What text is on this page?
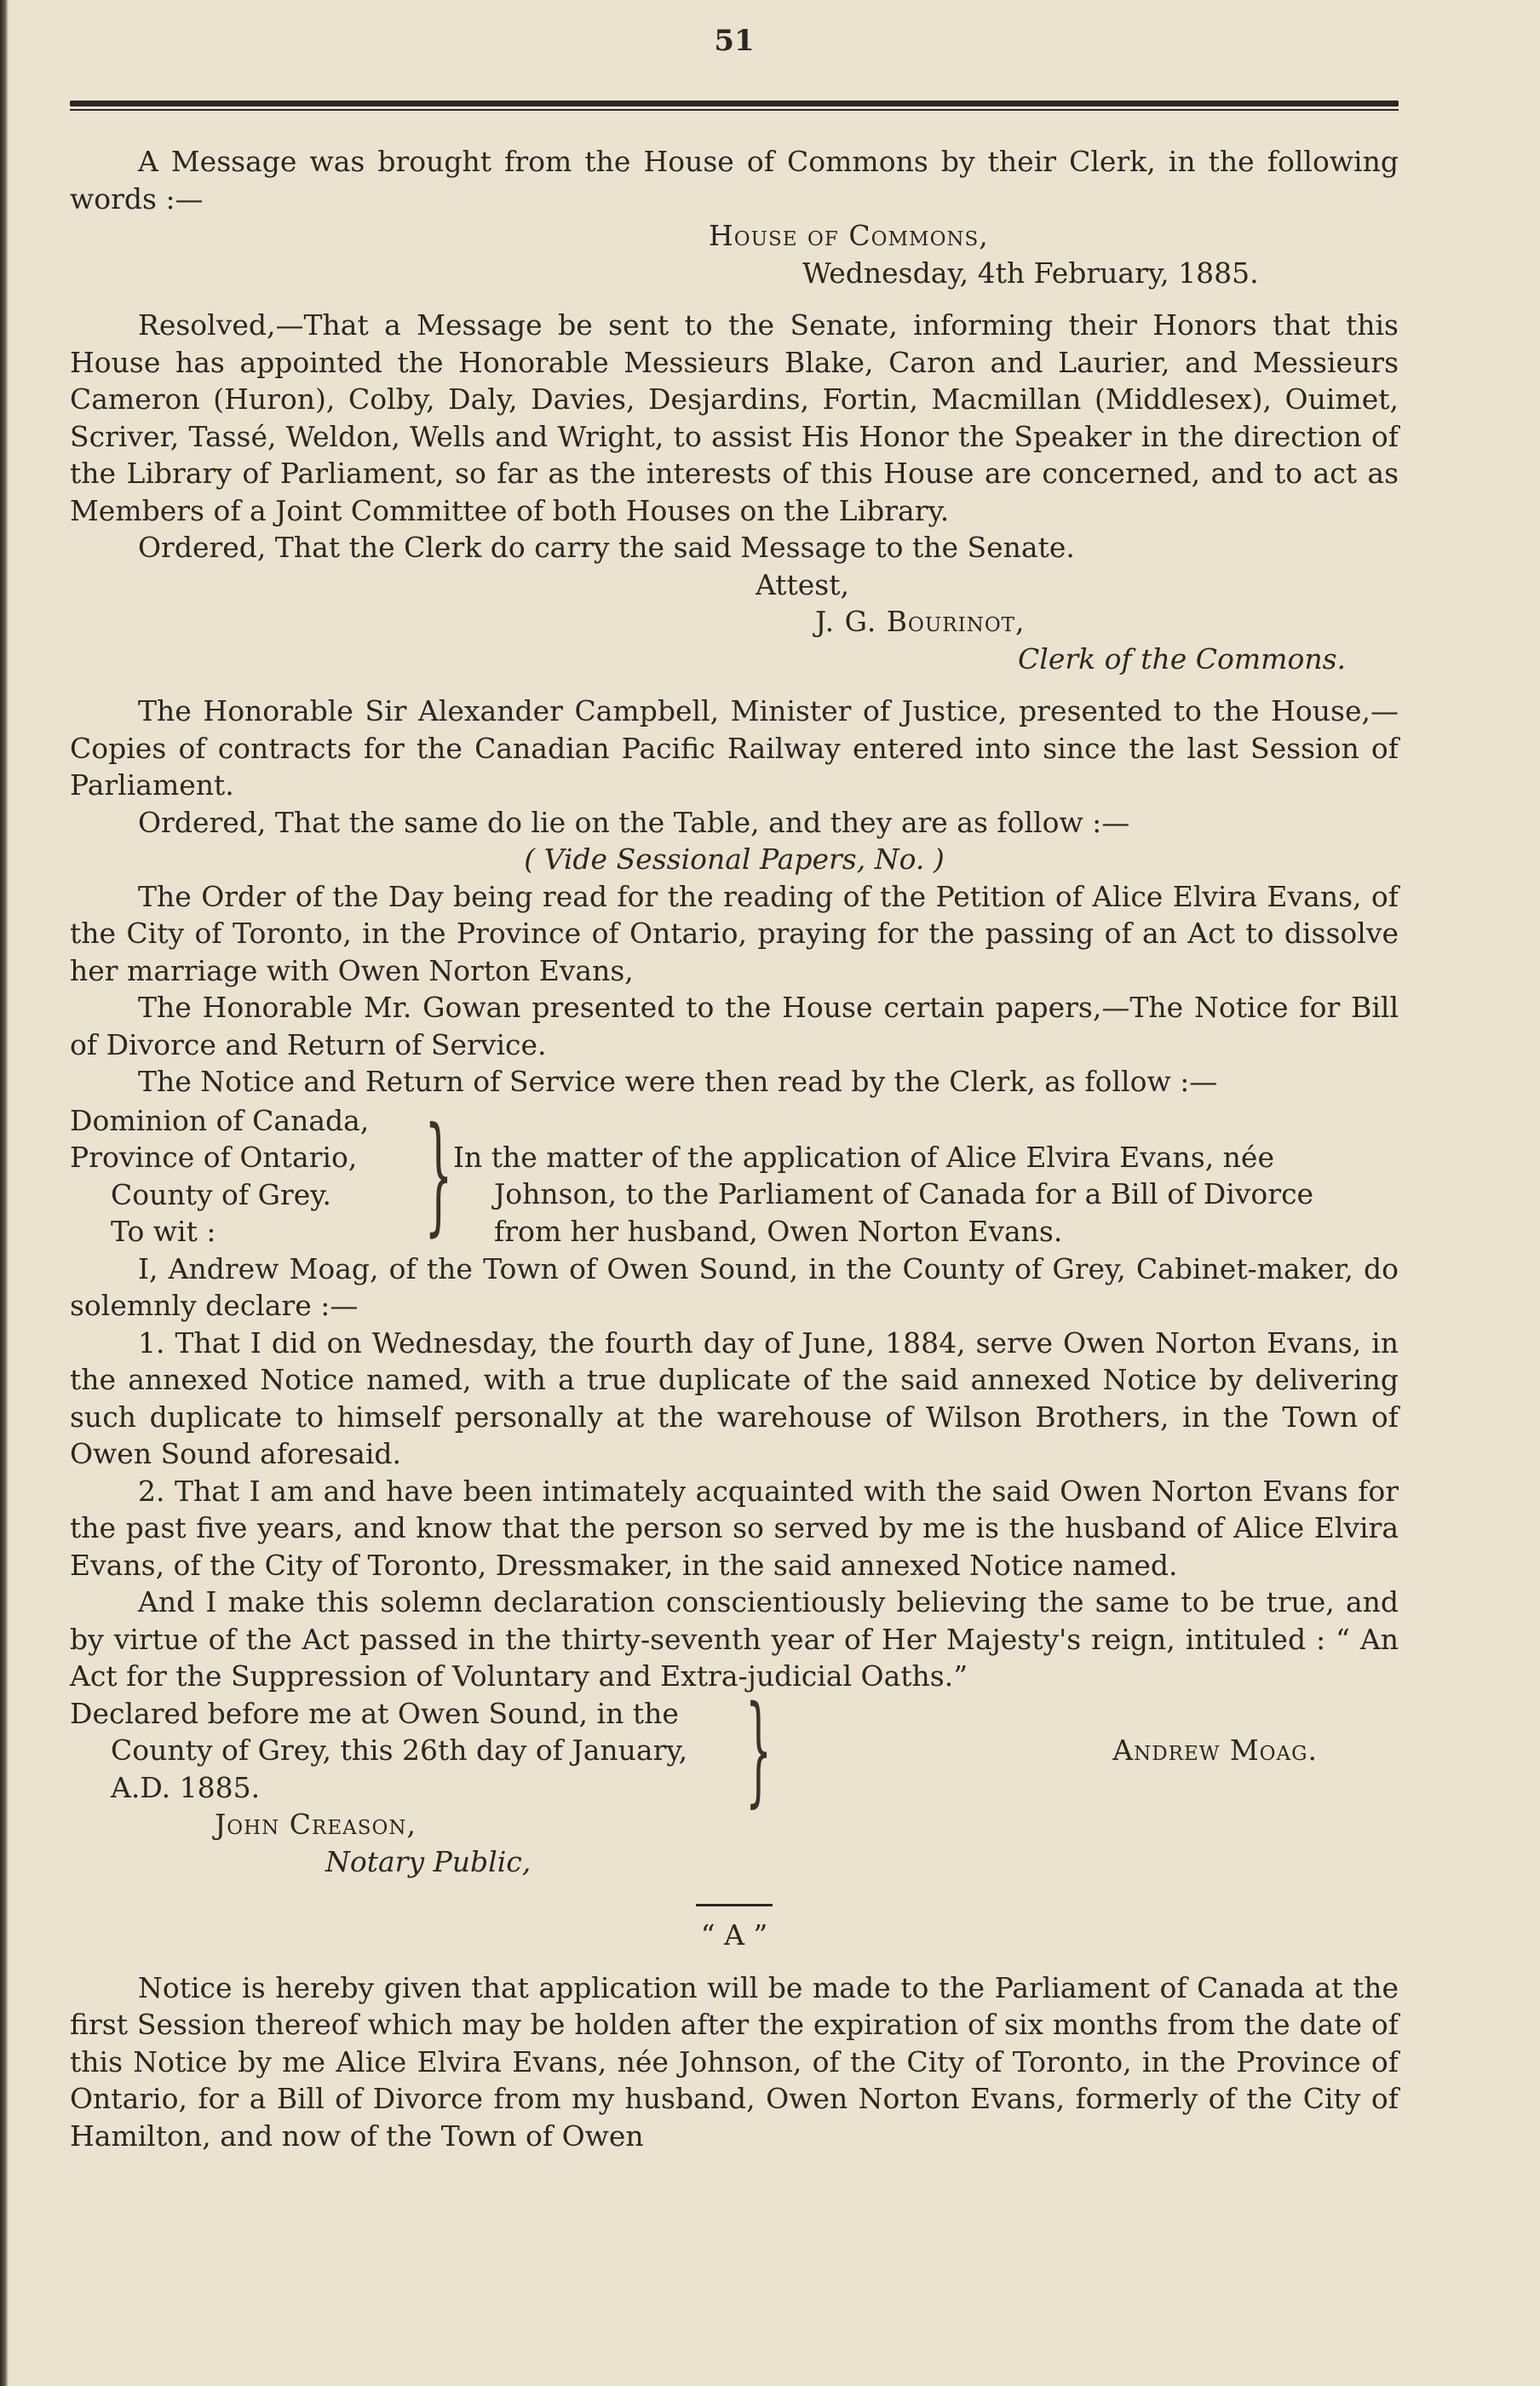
51

A Message was brought from the House of Commons by their Clerk, in the following words :—

House of Commons,

Wednesday, 4th February, 1885.

Resolved,—That a Message be sent to the Senate, informing their Honors that this House has appointed the Honorable Messieurs Blake, Caron and Laurier, and Messieurs Cameron (Huron), Colby, Daly, Davies, Desjardins, Fortin, Macmillan (Middlesex), Ouimet, Scriver, Tassé, Weldon, Wells and Wright, to assist His Honor the Speaker in the direction of the Library of Parliament, so far as the interests of this House are concerned, and to act as Members of a Joint Committee of both Houses on the Library.

Ordered, That the Clerk do carry the said Message to the Senate.

Attest,

J. G. Bourinot,

Clerk of the Commons.

The Honorable Sir Alexander Campbell, Minister of Justice, presented to the House,—Copies of contracts for the Canadian Pacific Railway entered into since the last Session of Parliament.

Ordered, That the same do lie on the Table, and they are as follow :—

( Vide Sessional Papers, No. )

The Order of the Day being read for the reading of the Petition of Alice Elvira Evans, of the City of Toronto, in the Province of Ontario, praying for the passing of an Act to dissolve her marriage with Owen Norton Evans,

The Honorable Mr. Gowan presented to the House certain papers,—The Notice for Bill of Divorce and Return of Service.

The Notice and Return of Service were then read by the Clerk, as follow :—

Dominion of Canada,
Province of Ontario,
County of Grey.
To wit :	} In the matter of the application of Alice Elvira Evans, née
Johnson, to the Parliament of Canada for a Bill of Divorce
from her husband, Owen Norton Evans.

I, Andrew Moag, of the Town of Owen Sound, in the County of Grey, Cabinet-maker, do solemnly declare :—

1. That I did on Wednesday, the fourth day of June, 1884, serve Owen Norton Evans, in the annexed Notice named, with a true duplicate of the said annexed Notice by delivering such duplicate to himself personally at the warehouse of Wilson Brothers, in the Town of Owen Sound aforesaid.

2. That I am and have been intimately acquainted with the said Owen Norton Evans for the past five years, and know that the person so served by me is the husband of Alice Elvira Evans, of the City of Toronto, Dressmaker, in the said annexed Notice named.

And I make this solemn declaration conscientiously believing the same to be true, and by virtue of the Act passed in the thirty-seventh year of Her Majesty's reign, intituled : “ An Act for the Suppression of Voluntary and Extra-judicial Oaths.”

Declared before me at Owen Sound, in the
County of Grey, this 26th day of January,
A.D. 1885.	}	Andrew Moag.

John Creason,

Notary Public,

“ A ”

Notice is hereby given that application will be made to the Parliament of Canada at the first Session thereof which may be holden after the expiration of six months from the date of this Notice by me Alice Elvira Evans, née Johnson, of the City of Toronto, in the Province of Ontario, for a Bill of Divorce from my husband, Owen Norton Evans, formerly of the City of Hamilton, and now of the Town of Owen
